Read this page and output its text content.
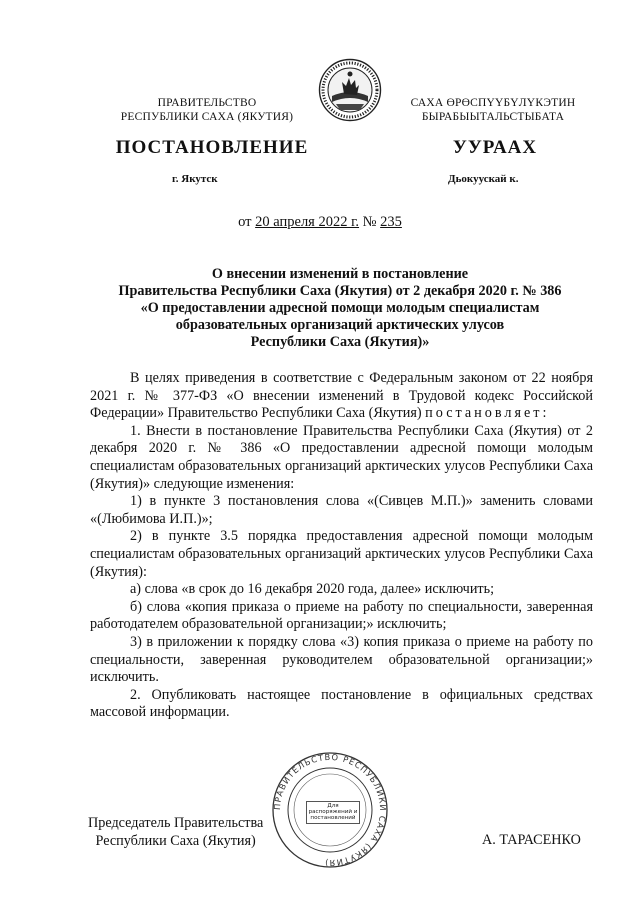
ПРАВИТЕЛЬСТВО
РЕСПУБЛИКИ САХА (ЯКУТИЯ)
САХА ӨРӨСПҮҮБҮЛҮКЭТИН
БЫРАБЫЫТАЛЬСТЫБАТА
ПОСТАНОВЛЕНИЕ	УУРААХ
г. Якутск	Дьокуускай к.
от 20 апреля 2022 г. № 235
О внесении изменений в постановление
Правительства Республики Саха (Якутия) от 2 декабря 2020 г. № 386
«О предоставлении адресной помощи молодым специалистам
образовательных организаций арктических улусов
Республики Саха (Якутия)»

В целях приведения в соответствие с Федеральным законом от 22 ноября 2021 г. № 377-ФЗ «О внесении изменений в Трудовой кодекс Российской Федерации» Правительство Республики Саха (Якутия) постановляет:

1. Внести в постановление Правительства Республики Саха (Якутия) от 2 декабря 2020 г. № 386 «О предоставлении адресной помощи молодым специалистам образовательных организаций арктических улусов Республики Саха (Якутия)» следующие изменения:

1) в пункте 3 постановления слова «(Сивцев М.П.)» заменить словами «(Любимова И.П.)»;

2) в пункте 3.5 порядка предоставления адресной помощи молодым специалистам образовательных организаций арктических улусов Республики Саха (Якутия):

а) слова «в срок до 16 декабря 2020 года, далее» исключить;

б) слова «копия приказа о приеме на работу по специальности, заверенная работодателем образовательной организации;» исключить;

3) в приложении к порядку слова «3) копия приказа о приеме на работу по специальности, заверенная руководителем образовательной организации;» исключить.

2. Опубликовать настоящее постановление в официальных средствах массовой информации.

ПРАВИТЕЛЬСТВО РЕСПУБЛИКИ САХА (ЯКУТИЯ)
Для распоряжений и постановлений
Председатель Правительства
Республики Саха (Якутия)	А. ТАРАСЕНКО
